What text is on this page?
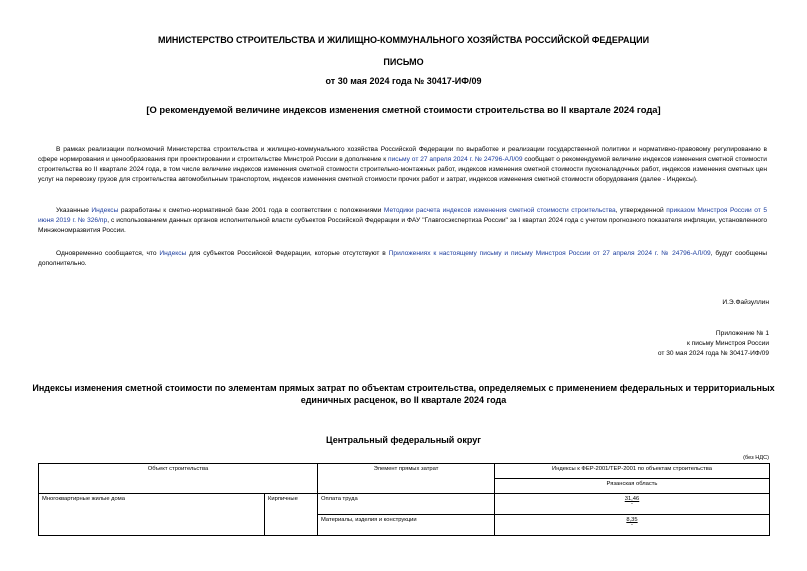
МИНИСТЕРСТВО СТРОИТЕЛЬСТВА И ЖИЛИЩНО-КОММУНАЛЬНОГО ХОЗЯЙСТВА РОССИЙСКОЙ ФЕДЕРАЦИИ
ПИСЬМО
от 30 мая 2024 года № 30417-ИФ/09
[О рекомендуемой величине индексов изменения сметной стоимости строительства во II квартале 2024 года]

В рамках реализации полномочий Министерства строительства и жилищно-коммунального хозяйства Российской Федерации по выработке и реализации государственной политики и нормативно-правовому регулированию в сфере нормирования и ценообразования при проектировании и строительстве Минстрой России в дополнение к письму от 27 апреля 2024 г. № 24796-АЛ/09 сообщает о рекомендуемой величине индексов изменения сметной стоимости строительства во II квартале 2024 года, в том числе величине индексов изменения сметной стоимости строительно-монтажных работ, индексов изменения сметной стоимости пусконаладочных работ, индексов изменения сметных цен услуг на перевозку грузов для строительства автомобильным транспортом, индексов изменения сметной стоимости прочих работ и затрат, индексов изменения сметной стоимости оборудования (далее - Индексы).

Указанные Индексы разработаны к сметно-нормативной базе 2001 года в соответствии с положениями Методики расчета индексов изменения сметной стоимости строительства, утвержденной приказом Минстроя России от 5 июня 2019 г. № 326/пр, с использованием данных органов исполнительной власти субъектов Российской Федерации и ФАУ "Главгосэкспертиза России" за I квартал 2024 года с учетом прогнозного показателя инфляции, установленного Минэкономразвития России.

Одновременно сообщается, что Индексы для субъектов Российской Федерации, которые отсутствуют в Приложениях к настоящему письму и письму Минстроя России от 27 апреля 2024 г. № 24796-АЛ/09, будут сообщены дополнительно.

И.Э.Файзуллин
Приложение № 1
к письму Минстроя России
от 30 мая 2024 года № 30417-ИФ/09
Индексы изменения сметной стоимости по элементам прямых затрат по объектам строительства, определяемых с применением федеральных и территориальных единичных расценок, во II квартале 2024 года
Центральный федеральный округ
(без НДС)
Объект строительства		Элемент прямых затрат	Индексы к ФЕР-2001/ТЕР-2001 по объектам строительства
			Рязанская область
Многоквартирные жилые дома	Кирпичные	Оплата труда	31,46
-

		Материалы, изделия и конструкции	8,35
-
